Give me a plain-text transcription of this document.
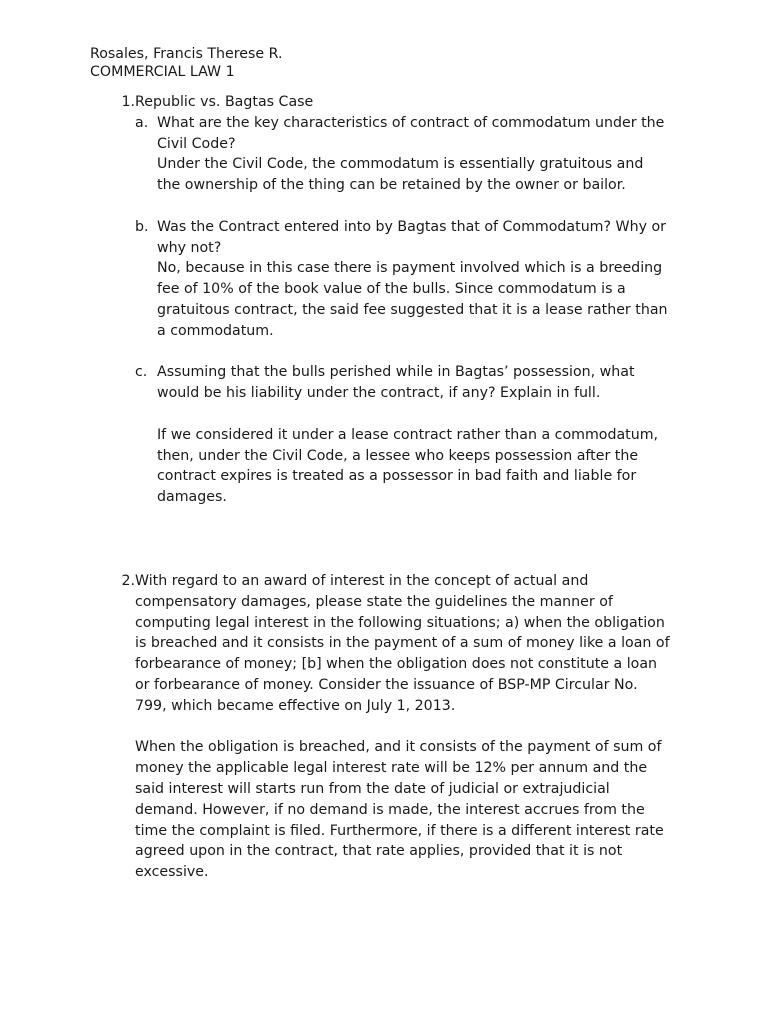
Rosales, Francis Therese R.
COMMERCIAL LAW 1
1. Republic vs. Bagtas Case

a. What are the key characteristics of contract of commodatum under the Civil Code?

Under the Civil Code, the commodatum is essentially gratuitous and the ownership of the thing can be retained by the owner or bailor.

b. Was the Contract entered into by Bagtas that of Commodatum? Why or why not?

No, because in this case there is payment involved which is a breeding fee of 10% of the book value of the bulls. Since commodatum is a gratuitous contract, the said fee suggested that it is a lease rather than a commodatum.

c. Assuming that the bulls perished while in Bagtas’ possession, what would be his liability under the contract, if any? Explain in full.

If we considered it under a lease contract rather than a commodatum, then, under the Civil Code, a lessee who keeps possession after the contract expires is treated as a possessor in bad faith and liable for damages.

2. With regard to an award of interest in the concept of actual and compensatory damages, please state the guidelines the manner of computing legal interest in the following situations; a) when the obligation is breached and it consists in the payment of a sum of money like a loan of forbearance of money; [b] when the obligation does not constitute a loan or forbearance of money. Consider the issuance of BSP-MP Circular No. 799, which became effective on July 1, 2013.

When the obligation is breached, and it consists of the payment of sum of money the applicable legal interest rate will be 12% per annum and the said interest will starts run from the date of judicial or extrajudicial demand. However, if no demand is made, the interest accrues from the time the complaint is filed. Furthermore, if there is a different interest rate agreed upon in the contract, that rate applies, provided that it is not excessive.
